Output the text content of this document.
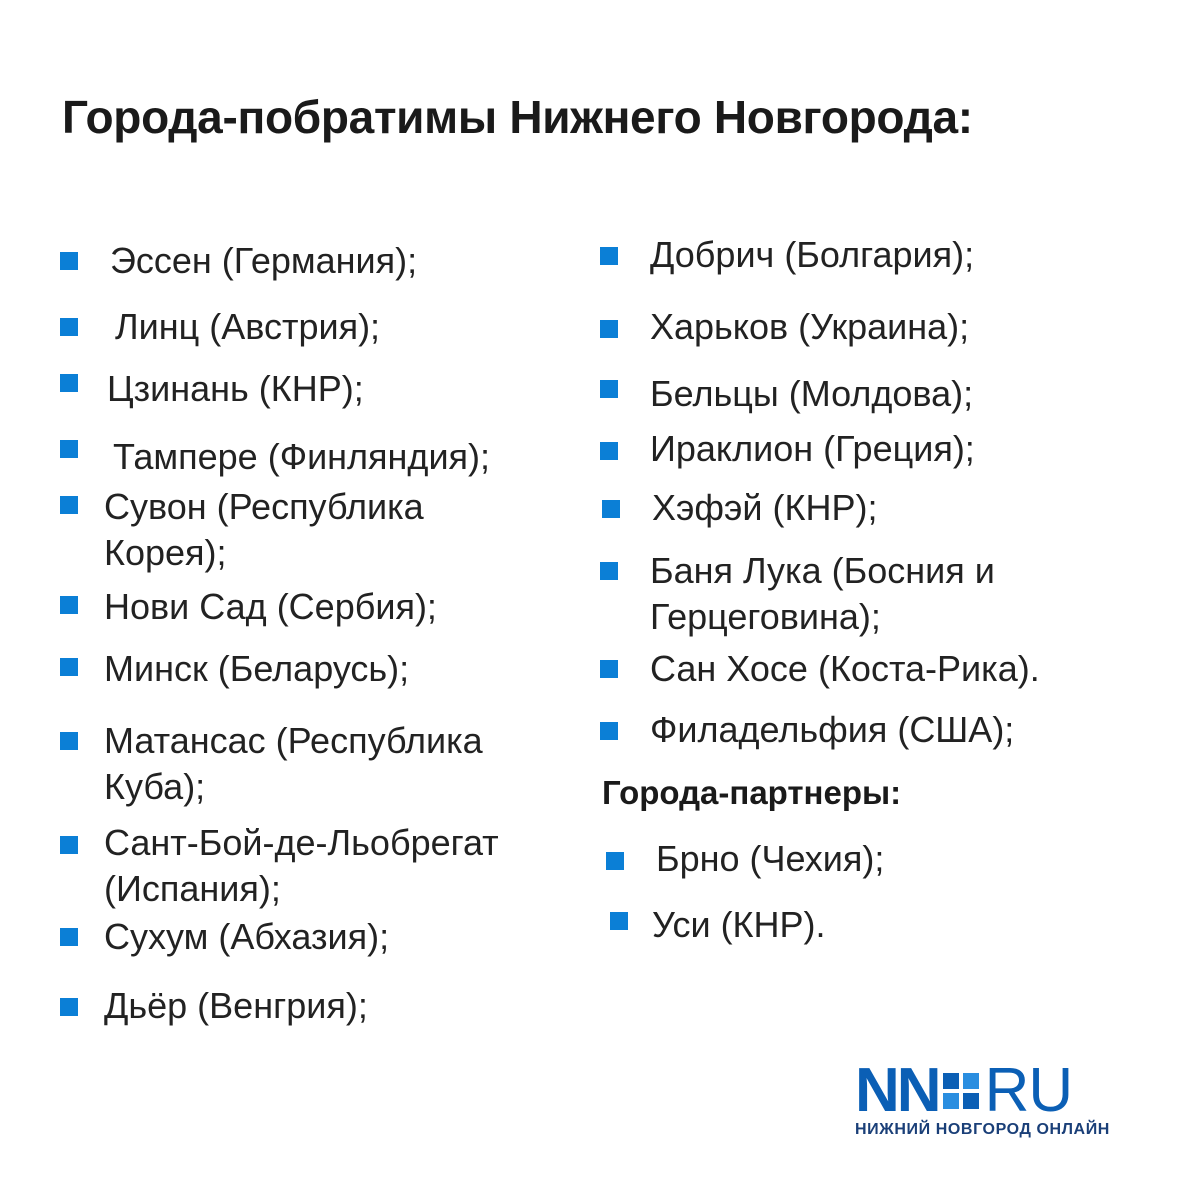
Города-побратимы Нижнего Новгорода:
Эссен (Германия);
Линц (Австрия);
Цзинань (КНР);
Тампере (Финляндия);
Сувон (Республика
Корея);
Нови Сад (Сербия);
Минск (Беларусь);
Матансас (Республика
Куба);
Сант-Бой-де-Льобрегат
(Испания);
Сухум (Абхазия);
Дьёр (Венгрия);
Добрич (Болгария);
Харьков (Украина);
Бельцы (Молдова);
Ираклион (Греция);
Хэфэй (КНР);
Баня Лука (Босния и
Герцеговина);
Сан Хосе (Коста-Рика).
Филадельфия (США);
Города-партнеры:
Брно (Чехия);
Уси (КНР).
NN RU
НИЖНИЙ НОВГОРОД ОНЛАЙН
